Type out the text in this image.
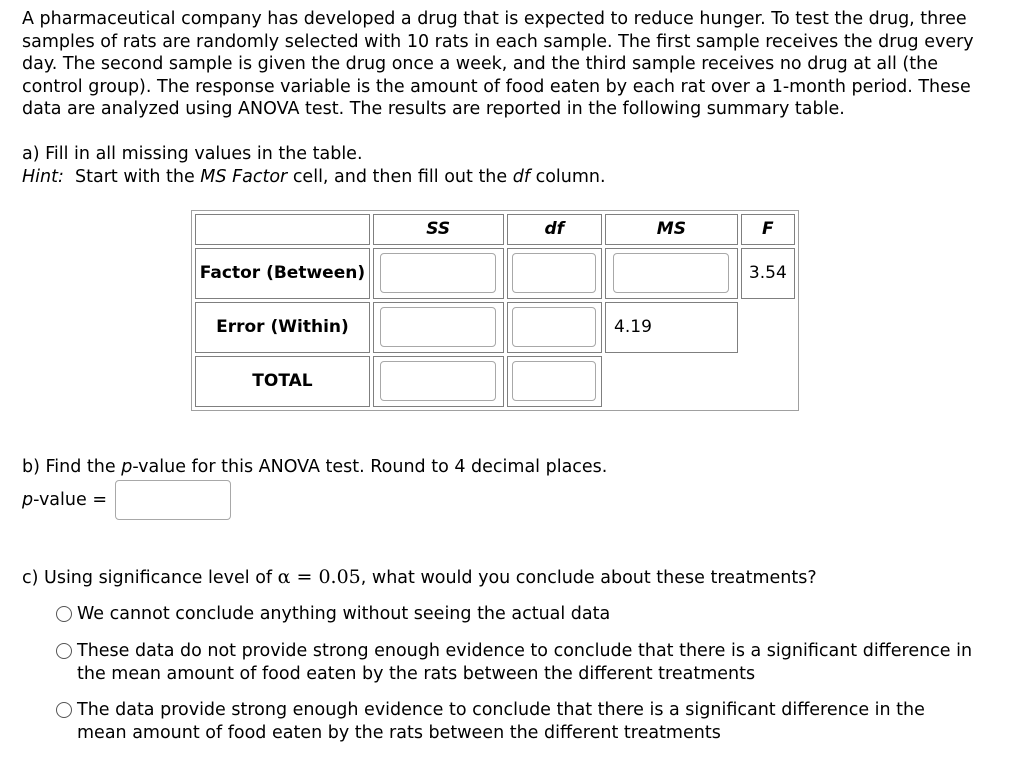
A pharmaceutical company has developed a drug that is expected to reduce hunger. To test the drug, three samples of rats are randomly selected with 10 rats in each sample. The first sample receives the drug every day. The second sample is given the drug once a week, and the third sample receives no drug at all (the control group). The response variable is the amount of food eaten by each rat over a 1-month period. These data are analyzed using ANOVA test. The results are reported in the following summary table.

a) Fill in all missing values in the table.
Hint:  Start with the MS Factor cell, and then fill out the df column.
	SS	df	MS	F
Factor (Between)				3.54
Error (Within)			4.19	
TOTAL	

b) Find the p-value for this ANOVA test. Round to 4 decimal places.

p-value =

c) Using significance level of α = 0.05, what would you conclude about these treatments?

We cannot conclude anything without seeing the actual data
These data do not provide strong enough evidence to conclude that there is a significant difference in the mean amount of food eaten by the rats between the different treatments
The data provide strong enough evidence to conclude that there is a significant difference in the mean amount of food eaten by the rats between the different treatments
